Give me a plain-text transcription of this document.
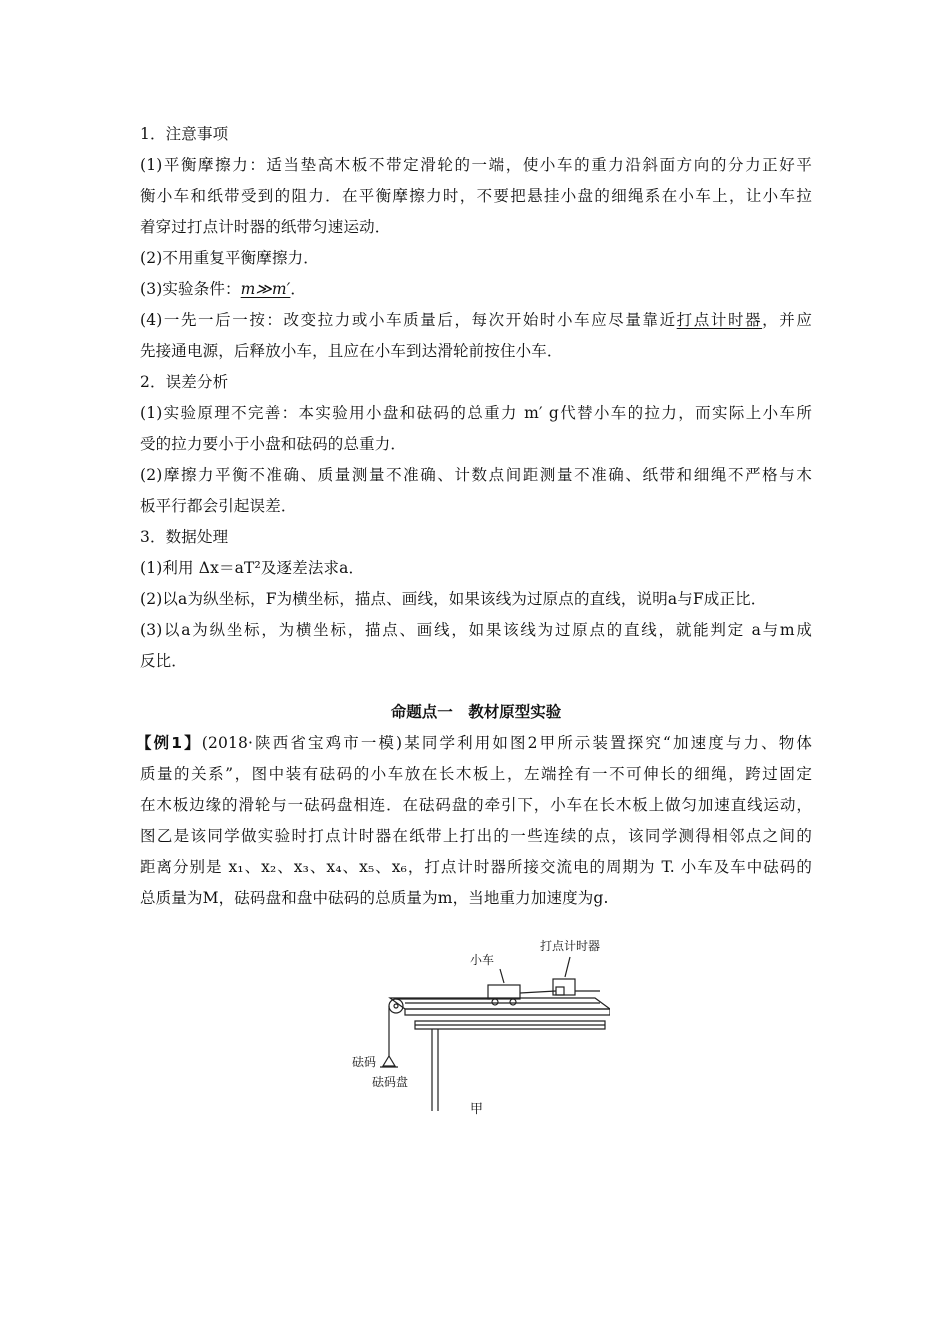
1．注意事项
(1)平衡摩擦力：适当垫高木板不带定滑轮的一端，使小车的重力沿斜面方向的分力正好平
衡小车和纸带受到的阻力．在平衡摩擦力时，不要把悬挂小盘的细绳系在小车上，让小车拉
着穿过打点计时器的纸带匀速运动．
(2)不用重复平衡摩擦力．
(3)实验条件：m≫m′．
(4)一先一后一按：改变拉力或小车质量后，每次开始时小车应尽量靠近打点计时器，并应
先接通电源，后释放小车，且应在小车到达滑轮前按住小车．
2．误差分析
(1)实验原理不完善：本实验用小盘和砝码的总重力 m′ g代替小车的拉力，而实际上小车所
受的拉力要小于小盘和砝码的总重力．
(2)摩擦力平衡不准确、质量测量不准确、计数点间距测量不准确、纸带和细绳不严格与木
板平行都会引起误差．
3．数据处理
(1)利用 Δx＝aT²及逐差法求a．
(2)以a为纵坐标，F为横坐标，描点、画线，如果该线为过原点的直线，说明a与F成正比．
(3)以a为纵坐标，为横坐标，描点、画线，如果该线为过原点的直线，就能判定 a与m成
反比．
命题点一　教材原型实验
【例1】(2018·陕西省宝鸡市一模)某同学利用如图2甲所示装置探究“加速度与力、物体
质量的关系”，图中装有砝码的小车放在长木板上，左端拴有一不可伸长的细绳，跨过固定
在木板边缘的滑轮与一砝码盘相连．在砝码盘的牵引下，小车在长木板上做匀加速直线运动，
图乙是该同学做实验时打点计时器在纸带上打出的一些连续的点，该同学测得相邻点之间的
距离分别是 x₁、x₂、x₃、x₄、x₅、x₆，打点计时器所接交流电的周期为 T. 小车及车中砝码的
总质量为M，砝码盘和盘中砝码的总质量为m，当地重力加速度为g.
小车
打点计时器
砝码
砝码盘
甲
